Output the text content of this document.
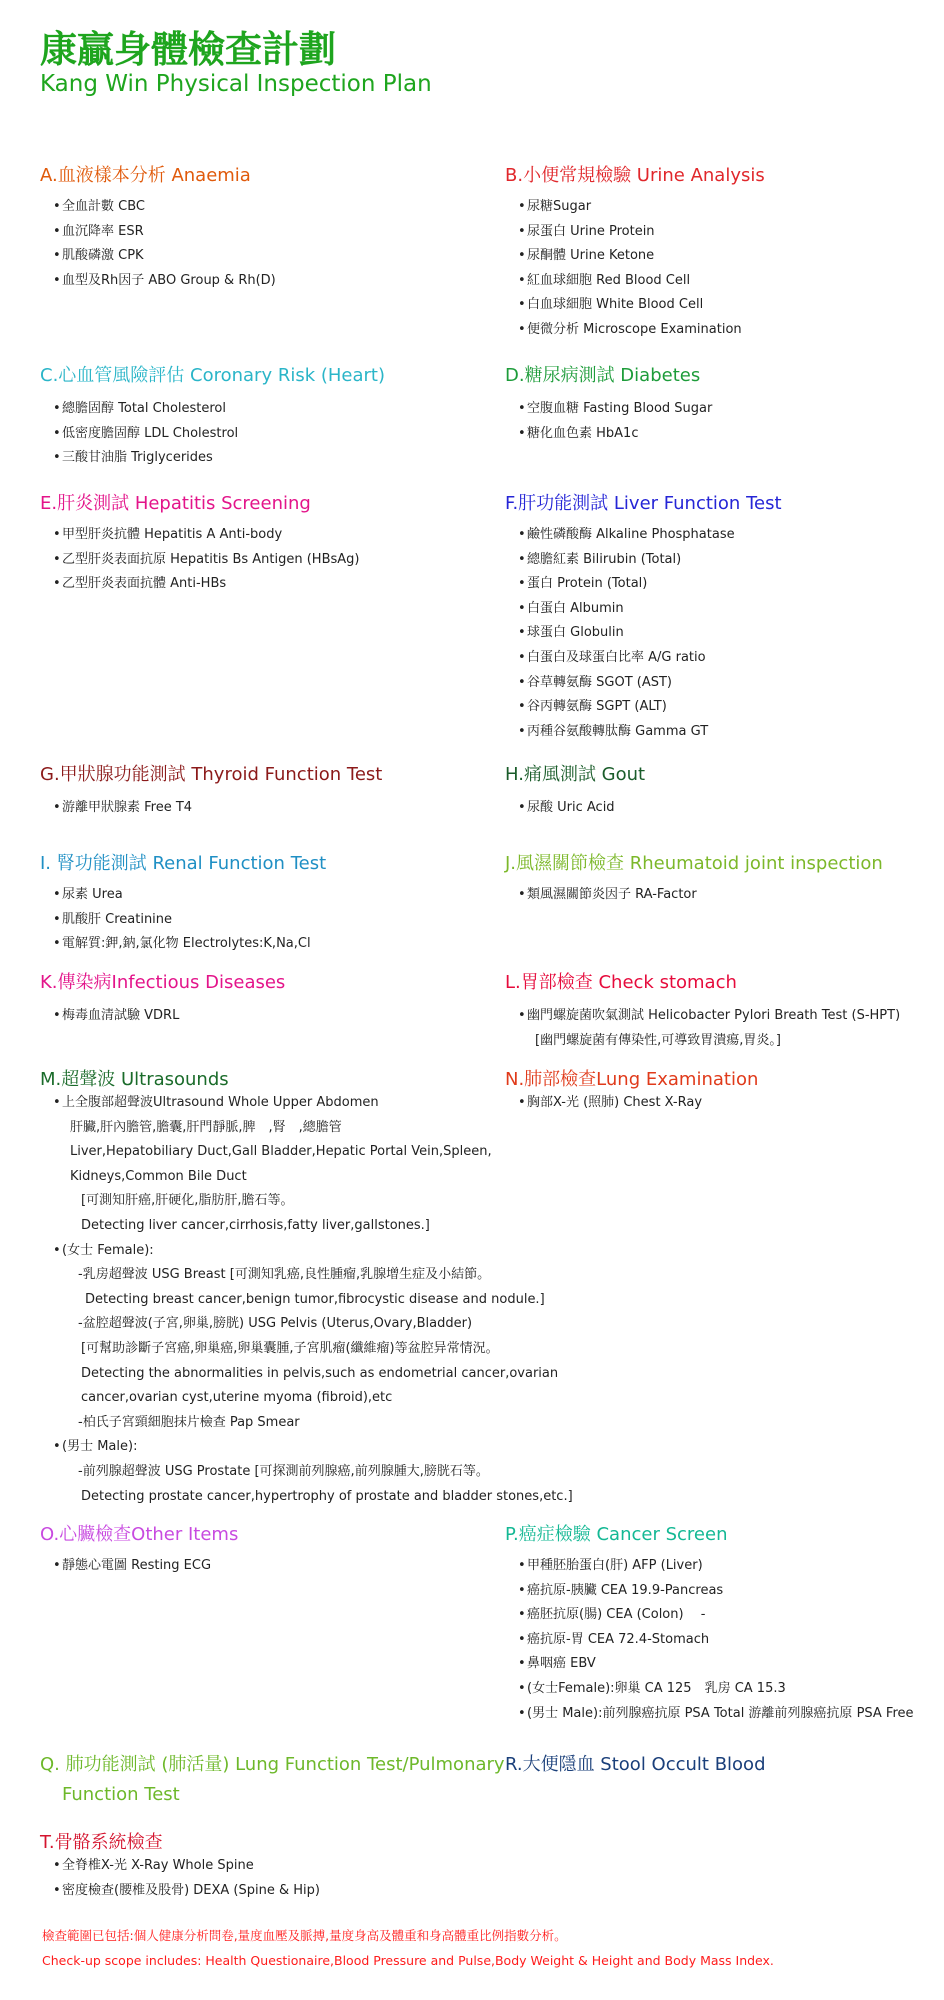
康贏身體檢查計劃
Kang Win Physical Inspection Plan
A.血液樣本分析 Anaemia
• 全血計數 CBC
• 血沉降率 ESR
• 肌酸磷激 CPK
• 血型及Rh因子 ABO Group & Rh(D)
B.小便常規檢驗 Urine Analysis
• 尿糖Sugar
• 尿蛋白 Urine Protein
• 尿酮體 Urine Ketone
• 紅血球細胞 Red Blood Cell
• 白血球細胞 White Blood Cell
• 便微分析 Microscope Examination
C.心血管風險評估 Coronary Risk (Heart)
• 總膽固醇 Total Cholesterol
• 低密度膽固醇 LDL Cholestrol
• 三酸甘油脂 Triglycerides
D.糖尿病測試 Diabetes
• 空腹血糖 Fasting Blood Sugar
• 糖化血色素 HbA1c
E.肝炎測試 Hepatitis Screening
• 甲型肝炎抗體 Hepatitis A Anti-body
• 乙型肝炎表面抗原 Hepatitis Bs Antigen (HBsAg)
• 乙型肝炎表面抗體 Anti-HBs
F.肝功能測試 Liver Function Test
• 鹼性磷酸酶 Alkaline Phosphatase
• 總膽紅素 Bilirubin (Total)
• 蛋白 Protein (Total)
• 白蛋白 Albumin
• 球蛋白 Globulin
• 白蛋白及球蛋白比率 A/G ratio
• 谷草轉氨酶 SGOT (AST)
• 谷丙轉氨酶 SGPT (ALT)
• 丙種谷氨酸轉肽酶 Gamma GT
G.甲狀腺功能測試 Thyroid Function Test
• 游離甲狀腺素 Free T4
H.痛風測試 Gout
• 尿酸 Uric Acid
I. 腎功能測試 Renal Function Test
• 尿素 Urea
• 肌酸肝 Creatinine
• 電解質:鉀,鈉,氯化物 Electrolytes:K,Na,Cl
J.風濕關節檢查 Rheumatoid joint inspection
• 類風濕關節炎因子 RA-Factor
K.傳染病Infectious Diseases
• 梅毒血清試驗 VDRL
L.胃部檢查 Check stomach
• 幽門螺旋菌吹氣測試 Helicobacter Pylori Breath Test (S-HPT)
[幽門螺旋菌有傳染性,可導致胃潰瘍,胃炎。]
M.超聲波 Ultrasounds
• 上全腹部超聲波Ultrasound Whole Upper Abdomen
肝臟,肝內膽管,膽囊,肝門靜脈,脾　,腎　,總膽管
Liver,Hepatobiliary Duct,Gall Bladder,Hepatic Portal Vein,Spleen,
Kidneys,Common Bile Duct
[可測知肝癌,肝硬化,脂肪肝,膽石等。
Detecting liver cancer,cirrhosis,fatty liver,gallstones.]
• (女士 Female):
-乳房超聲波 USG Breast [可測知乳癌,良性腫瘤,乳腺增生症及小結節。
Detecting breast cancer,benign tumor,fibrocystic disease and nodule.]
-盆腔超聲波(子宮,卵巢,膀胱) USG Pelvis (Uterus,Ovary,Bladder)
[可幫助診斷子宮癌,卵巢癌,卵巢囊腫,子宮肌瘤(纖維瘤)等盆腔异常情況。
Detecting the abnormalities in pelvis,such as endometrial cancer,ovarian
cancer,ovarian cyst,uterine myoma (fibroid),etc
-柏氏子宮頸細胞抹片檢查 Pap Smear
• (男士 Male):
-前列腺超聲波 USG Prostate [可探測前列腺癌,前列腺腫大,膀胱石等。
Detecting prostate cancer,hypertrophy of prostate and bladder stones,etc.]
N.肺部檢查Lung Examination
• 胸部X-光 (照肺) Chest X-Ray
O.心臟檢查Other Items
• 靜態心電圖 Resting ECG
P.癌症檢驗 Cancer Screen
• 甲種胚胎蛋白(肝) AFP (Liver)
• 癌抗原-胰臟 CEA 19.9-Pancreas
• 癌胚抗原(腸) CEA (Colon)　 -
• 癌抗原-胃 CEA 72.4-Stomach
• 鼻咽癌 EBV
• (女士Female):卵巢 CA 125　乳房 CA 15.3
• (男士 Male):前列腺癌抗原 PSA Total 游離前列腺癌抗原 PSA Free
Q. 肺功能測試 (肺活量) Lung Function Test/Pulmonary
Function Test
R.大便隱血 Stool Occult Blood
T.骨骼系統檢查
• 全脊椎X-光 X-Ray Whole Spine
• 密度檢查(腰椎及股骨) DEXA (Spine & Hip)
檢查範圍已包括:個人健康分析問卷,量度血壓及脈搏,量度身高及體重和身高體重比例指數分析。
Check-up scope includes: Health Questionaire,Blood Pressure and Pulse,Body Weight & Height and Body Mass Index.
